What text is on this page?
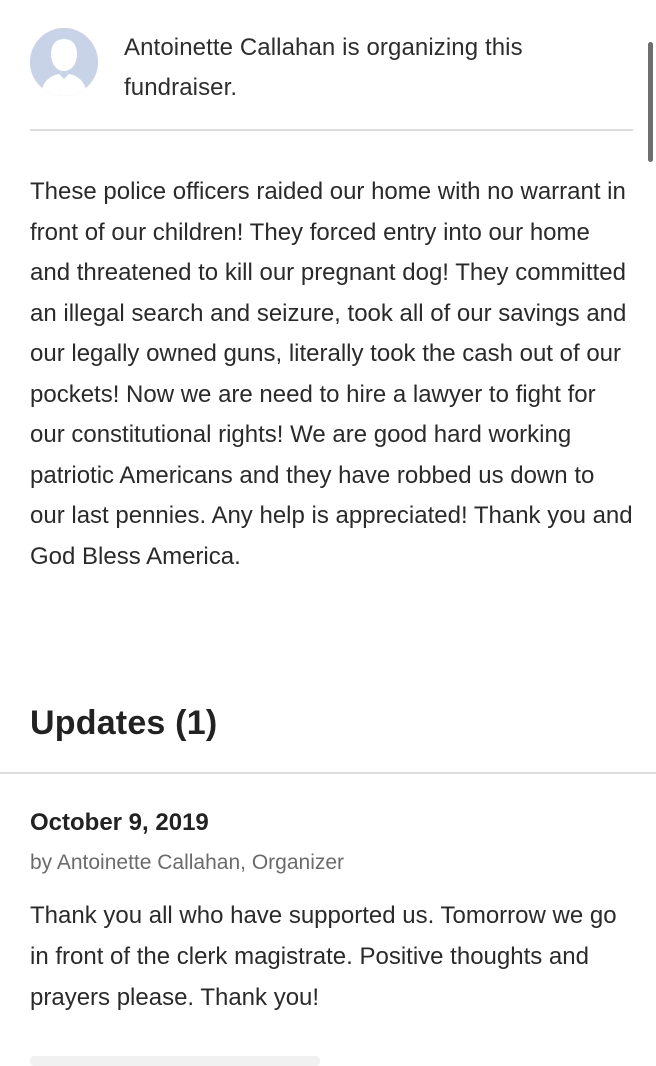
Antoinette Callahan is organizing this fundraiser.
These police officers raided our home with no warrant in front of our children! They forced entry into our home and threatened to kill our pregnant dog! They committed an illegal search and seizure, took all of our savings and our legally owned guns, literally took the cash out of our pockets! Now we are need to hire a lawyer to fight for our constitutional rights! We are good hard working patriotic Americans and they have robbed us down to our last pennies. Any help is appreciated! Thank you and God Bless America.
Updates (1)
October 9, 2019
by Antoinette Callahan, Organizer
Thank you all who have supported us. Tomorrow we go in front of the clerk magistrate. Positive thoughts and prayers please. Thank you!
